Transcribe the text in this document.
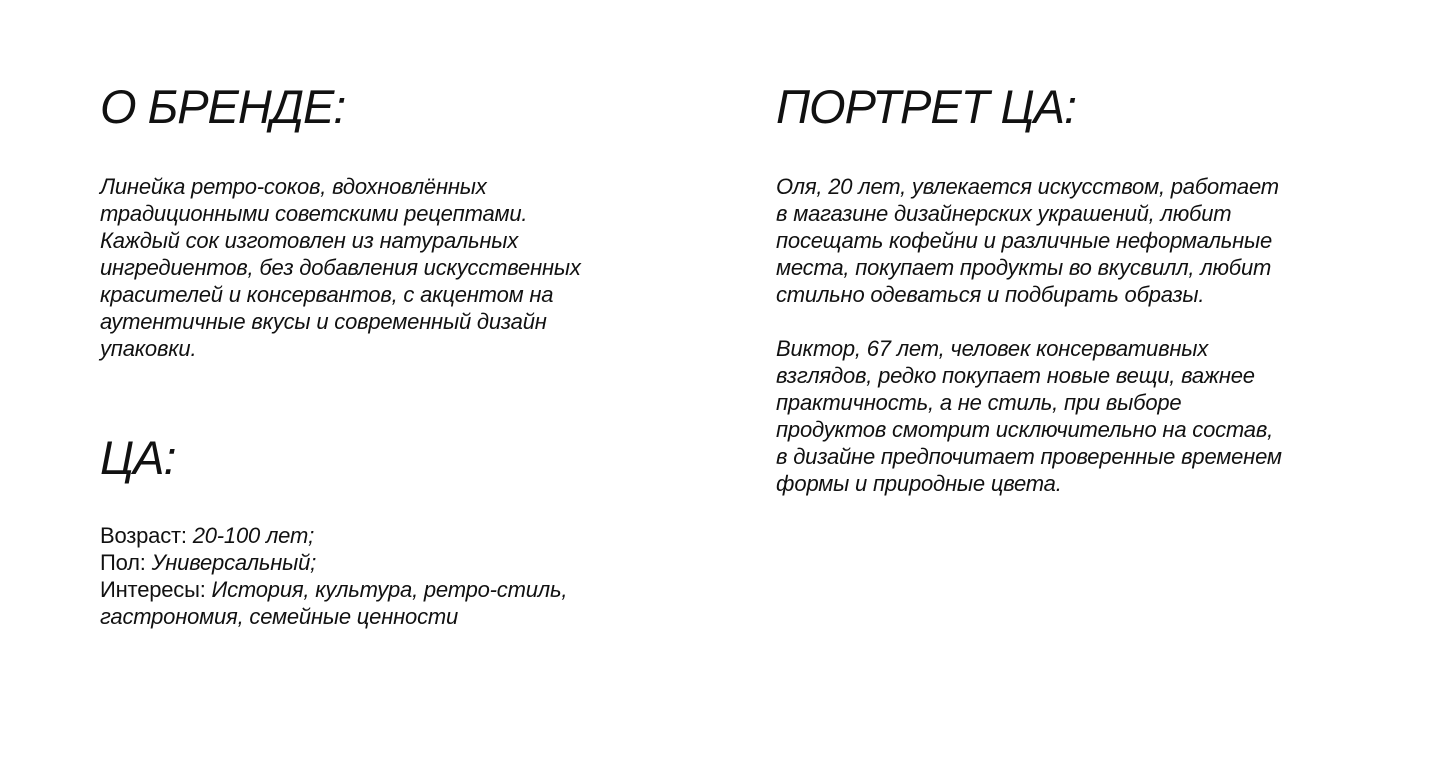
О БРЕНДЕ:

Линейка ретро-соков, вдохновлённых
традиционными советскими рецептами.
Каждый сок изготовлен из натуральных
ингредиентов, без добавления искусственных
красителей и консервантов, с акцентом на
аутентичные вкусы и современный дизайн
упаковки.

ЦА:
Возраст: 20-100 лет;
Пол: Универсальный;
Интересы: История, культура, ретро-стиль,
гастрономия, семейные ценности
ПОРТРЕТ ЦА:

Оля, 20 лет, увлекается искусством, работает
в магазине дизайнерских украшений, любит
посещать кофейни и различные неформальные
места, покупает продукты во вкусвилл, любит
стильно одеваться и подбирать образы.

Виктор, 67 лет, человек консервативных
взглядов, редко покупает новые вещи, важнее
практичность, а не стиль, при выборе
продуктов смотрит исключительно на состав,
в дизайне предпочитает проверенные временем
формы и природные цвета.
